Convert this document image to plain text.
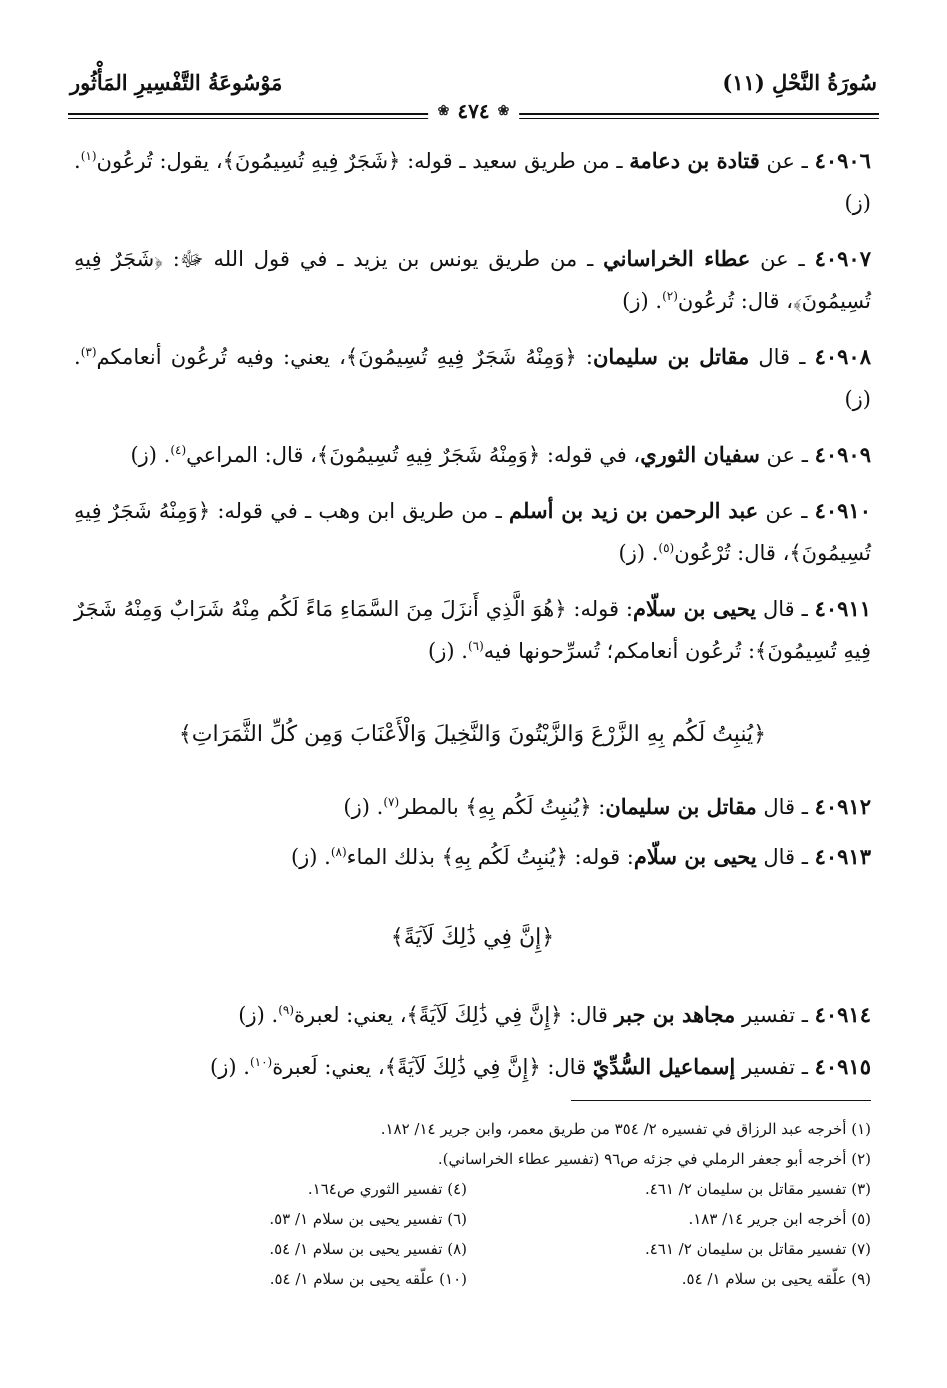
سُورَةُ النَّحْلِ (١١)
مَوْسُوعَةُ التَّفْسِيرِ المَأْثُور
❀
٤٧٤
❀

٤٠٩٠٦ ـ عن قتادة بن دعامة ـ من طريق سعيد ـ قوله: ﴿شَجَرٌ فِيهِ تُسِيمُونَ﴾، يقول: تُرعُون$^{(١)}$. (ز)

٤٠٩٠٧ ـ عن عطاء الخراساني ـ من طريق يونس بن يزيد ـ في قول الله ﷻ: ﴿شَجَرٌ فِيهِ تُسِيمُونَ﴾، قال: تُرعُون$^{(٢)}$. (ز)

٤٠٩٠٨ ـ قال مقاتل بن سليمان: ﴿وَمِنْهُ شَجَرٌ فِيهِ تُسِيمُونَ﴾، يعني: وفيه تُرعُون أنعامكم$^{(٣)}$. (ز)

٤٠٩٠٩ ـ عن سفيان الثوري، في قوله: ﴿وَمِنْهُ شَجَرٌ فِيهِ تُسِيمُونَ﴾، قال: المراعي$^{(٤)}$. (ز)

٤٠٩١٠ ـ عن عبد الرحمن بن زيد بن أسلم ـ من طريق ابن وهب ـ في قوله: ﴿وَمِنْهُ شَجَرٌ فِيهِ تُسِيمُونَ﴾، قال: تُرْعُون$^{(٥)}$. (ز)

٤٠٩١١ ـ قال يحيى بن سلّام: قوله: ﴿هُوَ الَّذِي أَنزَلَ مِنَ السَّمَاءِ مَاءً لَكُم مِنْهُ شَرَابٌ وَمِنْهُ شَجَرٌ فِيهِ تُسِيمُونَ﴾: تُرعُون أنعامكم؛ تُسرِّحونها فيه$^{(٦)}$. (ز)

﴿يُنبِتُ لَكُم بِهِ الزَّرْعَ وَالزَّيْتُونَ وَالنَّخِيلَ وَالْأَعْنَابَ وَمِن كُلِّ الثَّمَرَاتِ﴾

٤٠٩١٢ ـ قال مقاتل بن سليمان: ﴿يُنبِتُ لَكُم بِهِ﴾ بالمطر$^{(٧)}$. (ز)

٤٠٩١٣ ـ قال يحيى بن سلّام: قوله: ﴿يُنبِتُ لَكُم بِهِ﴾ بذلك الماء$^{(٨)}$. (ز)

﴿إِنَّ فِي ذَٰلِكَ لَآيَةً﴾

٤٠٩١٤ ـ تفسير مجاهد بن جبر قال: ﴿إِنَّ فِي ذَٰلِكَ لَآيَةً﴾، يعني: لعبرة$^{(٩)}$. (ز)

٤٠٩١٥ ـ تفسير إسماعيل السُّدِّيّ قال: ﴿إِنَّ فِي ذَٰلِكَ لَآيَةً﴾، يعني: لَعبرة$^{(١٠)}$. (ز)

(١) أخرجه عبد الرزاق في تفسيره ٢/ ٣٥٤ من طريق معمر، وابن جرير ١٤/ ١٨٢.
(٢) أخرجه أبو جعفر الرملي في جزئه ص٩٦ (تفسير عطاء الخراساني).
(٣) تفسير مقاتل بن سليمان ٢/ ٤٦١.
(٤) تفسير الثوري ص١٦٤.
(٥) أخرجه ابن جرير ١٤/ ١٨٣.
(٦) تفسير يحيى بن سلام ١/ ٥٣.
(٧) تفسير مقاتل بن سليمان ٢/ ٤٦١.
(٨) تفسير يحيى بن سلام ١/ ٥٤.
(٩) علّقه يحيى بن سلام ١/ ٥٤.
(١٠) علّقه يحيى بن سلام ١/ ٥٤.
